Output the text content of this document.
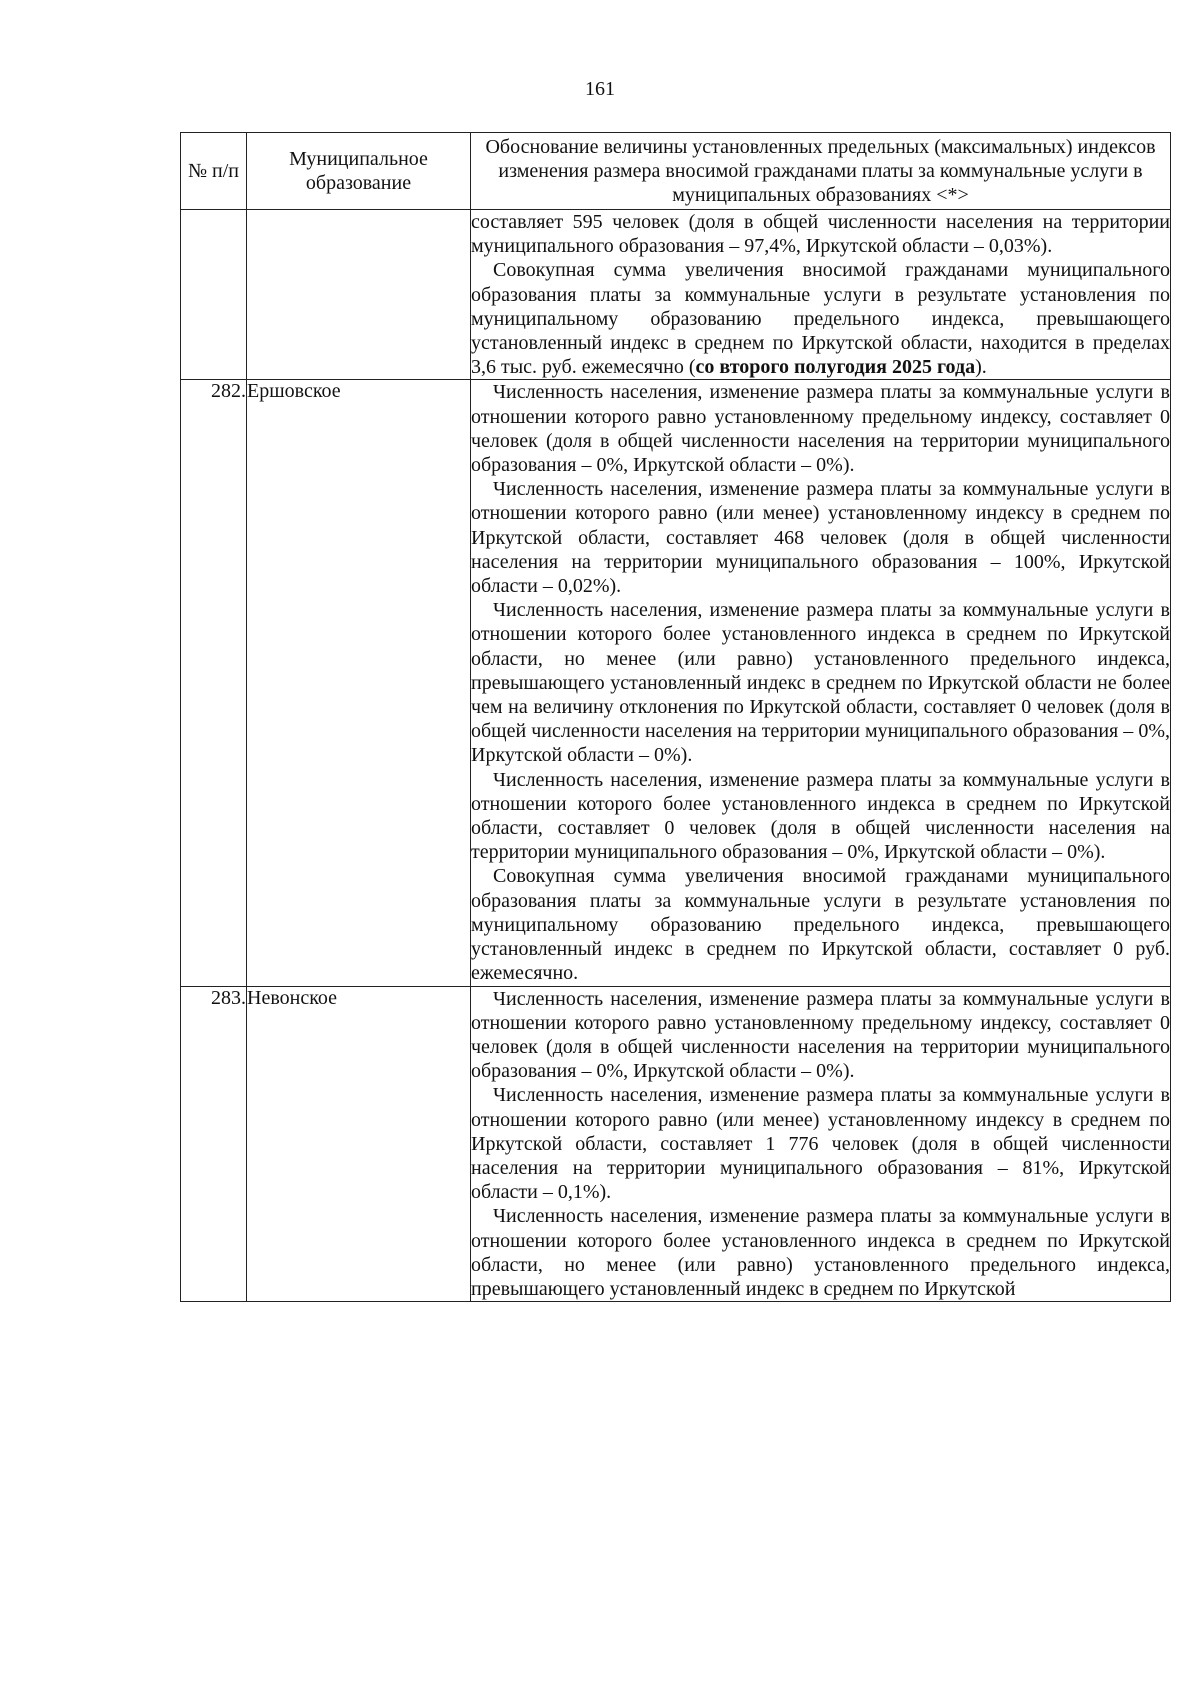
161
№ п/п	Муниципальное образование	Обоснование величины установленных предельных (максимальных) индексов изменения размера вносимой гражданами платы за коммунальные услуги в муниципальных образованиях <*>

		составляет 595 человек (доля в общей численности населения на территории муниципального образования – 97,4%, Иркутской области – 0,03%).

Совокупная сумма увеличения вносимой гражданами муниципального образования платы за коммунальные услуги в результате установления по муниципальному образованию предельного индекса, превышающего установленный индекс в среднем по Иркутской области, находится в пределах 3,6 тыс. руб. ежемесячно (со второго полугодия 2025 года).

282.	Ершовское	Численность населения, изменение размера платы за коммунальные услуги в отношении которого равно установленному предельному индексу, составляет 0 человек (доля в общей численности населения на территории муниципального образования – 0%, Иркутской области – 0%).

Численность населения, изменение размера платы за коммунальные услуги в отношении которого равно (или менее) установленному индексу в среднем по Иркутской области, составляет 468 человек (доля в общей численности населения на территории муниципального образования – 100%, Иркутской области – 0,02%).

Численность населения, изменение размера платы за коммунальные услуги в отношении которого более установленного индекса в среднем по Иркутской области, но менее (или равно) установленного предельного индекса, превышающего установленный индекс в среднем по Иркутской области не более чем на величину отклонения по Иркутской области, составляет 0 человек (доля в общей численности населения на территории муниципального образования – 0%, Иркутской области – 0%).

Численность населения, изменение размера платы за коммунальные услуги в отношении которого более установленного индекса в среднем по Иркутской области, составляет 0 человек (доля в общей численности населения на территории муниципального образования – 0%, Иркутской области – 0%).

Совокупная сумма увеличения вносимой гражданами муниципального образования платы за коммунальные услуги в результате установления по муниципальному образованию предельного индекса, превышающего установленный индекс в среднем по Иркутской области, составляет 0 руб. ежемесячно.

283.	Невонское	Численность населения, изменение размера платы за коммунальные услуги в отношении которого равно установленному предельному индексу, составляет 0 человек (доля в общей численности населения на территории муниципального образования – 0%, Иркутской области – 0%).

Численность населения, изменение размера платы за коммунальные услуги в отношении которого равно (или менее) установленному индексу в среднем по Иркутской области, составляет 1 776 человек (доля в общей численности населения на территории муниципального образования – 81%, Иркутской области – 0,1%).

Численность населения, изменение размера платы за коммунальные услуги в отношении которого более установленного индекса в среднем по Иркутской области, но менее (или равно) установленного предельного индекса, превышающего установленный индекс в среднем по Иркутской
